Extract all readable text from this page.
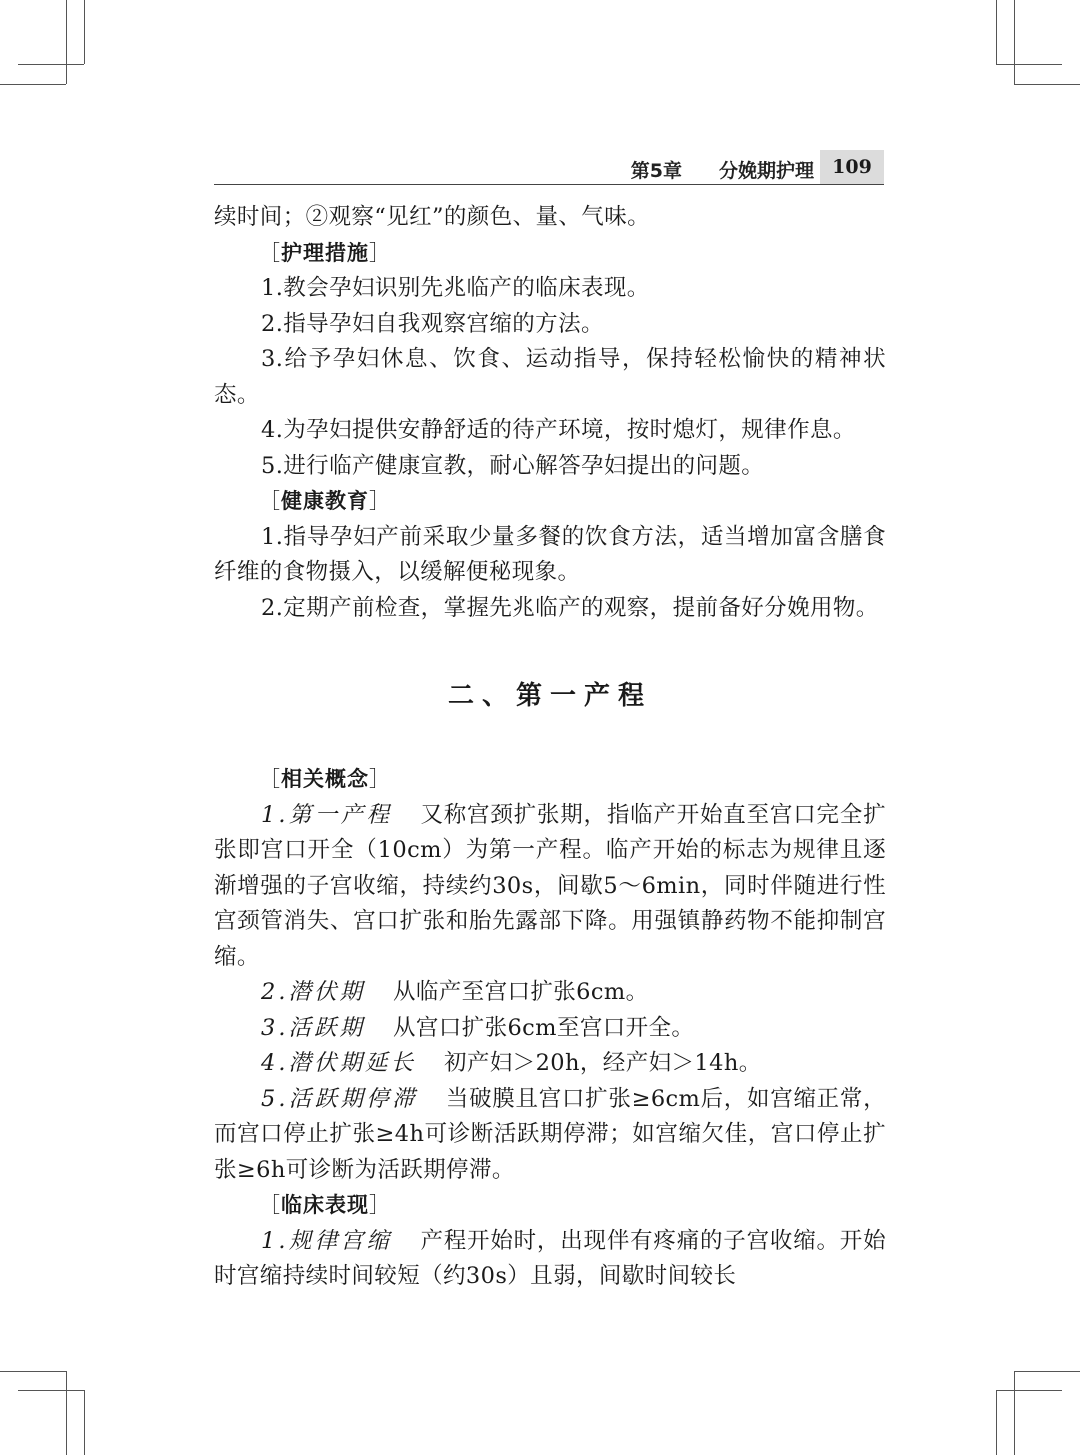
第5章 分娩期护理 109

续时间；②观察“见红”的颜色、量、气味。

［护理措施］

1.教会孕妇识别先兆临产的临床表现。

2.指导孕妇自我观察宫缩的方法。

3.给予孕妇休息、饮食、运动指导，保持轻松愉快的精神状态。

4.为孕妇提供安静舒适的待产环境，按时熄灯，规律作息。

5.进行临产健康宣教，耐心解答孕妇提出的问题。

［健康教育］

1.指导孕妇产前采取少量多餐的饮食方法，适当增加富含膳食纤维的食物摄入，以缓解便秘现象。

2.定期产前检查，掌握先兆临产的观察，提前备好分娩用物。

二、第一产程

［相关概念］

1.第一产程 又称宫颈扩张期，指临产开始直至宫口完全扩张即宫口开全（10cm）为第一产程。临产开始的标志为规律且逐渐增强的子宫收缩，持续约30s，间歇5～6min，同时伴随进行性宫颈管消失、宫口扩张和胎先露部下降。用强镇静药物不能抑制宫缩。

2.潜伏期 从临产至宫口扩张6cm。

3.活跃期 从宫口扩张6cm至宫口开全。

4.潜伏期延长 初产妇＞20h，经产妇＞14h。

5.活跃期停滞 当破膜且宫口扩张≥6cm后，如宫缩正常，而宫口停止扩张≥4h可诊断活跃期停滞；如宫缩欠佳，宫口停止扩张≥6h可诊断为活跃期停滞。

［临床表现］

1.规律宫缩 产程开始时，出现伴有疼痛的子宫收缩。开始时宫缩持续时间较短（约30s）且弱，间歇时间较长
